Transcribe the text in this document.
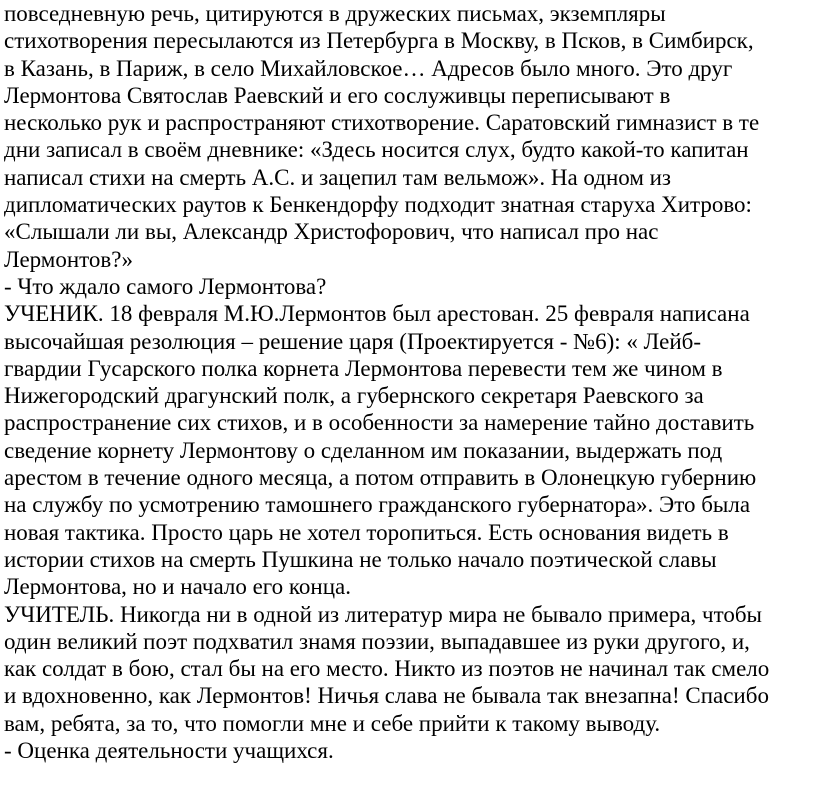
повседневную речь, цитируются в дружеских письмах, экземпляры
стихотворения пересылаются из Петербурга в Москву, в Псков, в Симбирск,
в Казань, в Париж, в село Михайловское… Адресов было много. Это друг
Лермонтова Святослав Раевский и его сослуживцы переписывают в
несколько рук и распространяют стихотворение. Саратовский гимназист в те
дни записал в своём дневнике: «Здесь носится слух, будто какой-то капитан
написал стихи на смерть А.С. и зацепил там вельмож». На одном из
дипломатических раутов к Бенкендорфу подходит знатная старуха Хитрово:
«Слышали ли вы, Александр Христофорович, что написал про нас
Лермонтов?»
- Что ждало самого Лермонтова?
УЧЕНИК. 18 февраля М.Ю.Лермонтов был арестован. 25 февраля написана
высочайшая резолюция – решение царя (Проектируется - №6): « Лейб-
гвардии Гусарского полка корнета Лермонтова перевести тем же чином в
Нижегородский драгунский полк, а губернского секретаря Раевского за
распространение сих стихов, и в особенности за намерение тайно доставить
сведение корнету Лермонтову о сделанном им показании, выдержать под
арестом в течение одного месяца, а потом отправить в Олонецкую губернию
на службу по усмотрению тамошнего гражданского губернатора». Это была
новая тактика. Просто царь не хотел торопиться. Есть основания видеть в
истории стихов на смерть Пушкина не только начало поэтической славы
Лермонтова, но и начало его конца.
УЧИТЕЛЬ. Никогда ни в одной из литератур мира не бывало примера, чтобы
один великий поэт подхватил знамя поэзии, выпадавшее из руки другого, и,
как солдат в бою, стал бы на его место. Никто из поэтов не начинал так смело
и вдохновенно, как Лермонтов! Ничья слава не бывала так внезапна! Спасибо
вам, ребята, за то, что помогли мне и себе прийти к такому выводу.
- Оценка деятельности учащихся.
